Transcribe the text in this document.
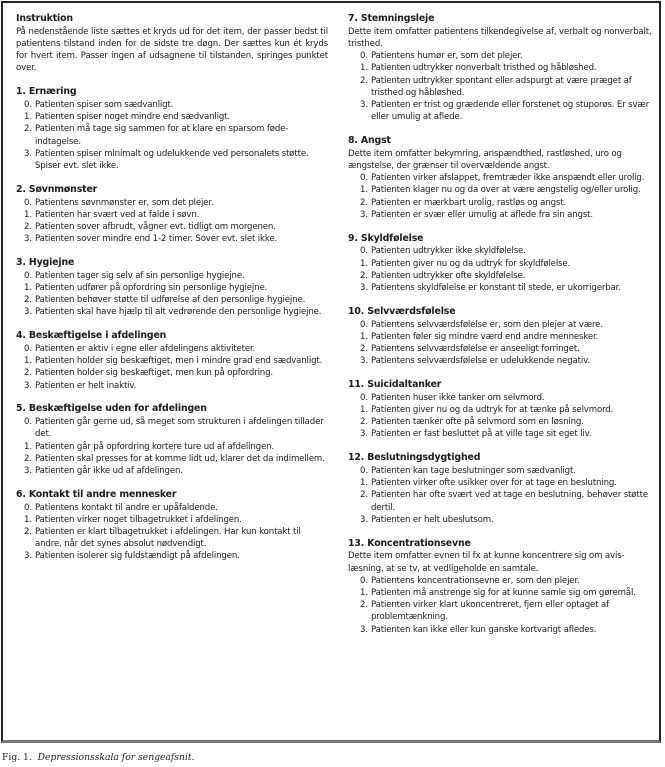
Instruktion

På nedenstående liste sættes et kryds ud for det item, der passer bedst til patientens tilstand inden for de sidste tre døgn. Der sættes kun ét kryds for hvert item. Passer ingen af udsagnene til tilstanden, springes punktet over.

1. Ernæring
0. Patienten spiser som sædvanligt.
1. Patienten spiser noget mindre end sædvanligt.
2. Patienten må tage sig sammen for at klare en sparsom føde-indtagelse.
3. Patienten spiser minimalt og udelukkende ved personalets støtte. Spiser evt. slet ikke.
2. Søvnmønster
0. Patientens søvnmønster er, som det plejer.
1. Patienten har svært ved at falde i søvn.
2. Patienten sover afbrudt, vågner evt. tidligt om morgenen.
3. Patienten sover mindre end 1-2 timer. Sover evt. slet ikke.
3. Hygiejne
0. Patienten tager sig selv af sin personlige hygiejne.
1. Patienten udfører på opfordring sin personlige hygiejne.
2. Patienten behøver støtte til udførelse af den personlige hygiejne.
3. Patienten skal have hjælp til alt vedrørende den personlige hygiejne.
4. Beskæftigelse i afdelingen
0. Patienten er aktiv i egne eller afdelingens aktiviteter.
1. Patienten holder sig beskæftiget, men i mindre grad end sædvanligt.
2. Patienten holder sig beskæftiget, men kun på opfordring.
3. Patienten er helt inaktiv.
5. Beskæftigelse uden for afdelingen
0. Patienten går gerne ud, så meget som strukturen i afdelingen tillader det.
1. Patienten går på opfordring kortere ture ud af afdelingen.
2. Patienten skal presses for at komme lidt ud, klarer det da indimellem.
3. Patienten går ikke ud af afdelingen.
6. Kontakt til andre mennesker
0. Patientens kontakt til andre er upåfaldende.
1. Patienten virker noget tilbagetrukket i afdelingen.
2. Patienten er klart tilbagetrukket i afdelingen. Har kun kontakt til andre, når det synes absolut nødvendigt.
3. Patienten isolerer sig fuldstændigt på afdelingen.
7. Stemningsleje

Dette item omfatter patientens tilkendegivelse af, verbalt og nonverbalt, tristhed.

0. Patientens humør er, som det plejer.
1. Patienten udtrykker nonverbalt tristhed og håbløshed.
2. Patienten udtrykker spontant eller adspurgt at være præget af tristhed og håbløshed.
3. Patienten er trist og grædende eller forstenet og stuporøs. Er svær eller umulig at aflede.
8. Angst

Dette item omfatter bekymring, anspændthed, rastløshed, uro og ængstelse, der grænser til overvældende angst.

0. Patienten virker afslappet, fremtræder ikke anspændt eller urolig.
1. Patienten klager nu og da over at være ængstelig og/eller urolig.
2. Patienten er mærkbart urolig, rastløs og angst.
3. Patienten er svær eller umulig at aflede fra sin angst.
9. Skyldfølelse
0. Patienten udtrykker ikke skyldfølelse.
1. Patienten giver nu og da udtryk for skyldfølelse.
2. Patienten udtrykker ofte skyldfølelse.
3. Patientens skyldfølelse er konstant til stede, er ukorrigerbar.
10. Selvværdsfølelse
0. Patientens selvværdsfølelse er, som den plejer at være.
1. Patienten føler sig mindre værd end andre mennesker.
2. Patientens selvværdsfølelse er anseeligt forringet.
3. Patientens selvværdsfølelse er udelukkende negativ.
11. Suicidaltanker
0. Patienten huser ikke tanker om selvmord.
1. Patienten giver nu og da udtryk for at tænke på selvmord.
2. Patienten tænker ofte på selvmord som en løsning.
3. Patienten er fast besluttet på at ville tage sit eget liv.
12. Beslutningsdygtighed
0. Patienten kan tage beslutninger som sædvanligt.
1. Patienten virker ofte usikker over for at tage en beslutning.
2. Patienten har ofte svært ved at tage en beslutning, behøver støtte dertil.
3. Patienten er helt ubeslutsom.
13. Koncentrationsevne

Dette item omfatter evnen til fx at kunne koncentrere sig om avis-læsning, at se tv, at vedligeholde en samtale.

0. Patientens koncentrationsevne er, som den plejer.
1. Patienten må anstrenge sig for at kunne samle sig om gøremål.
2. Patienten virker klart ukoncentreret, fjern eller optaget af problemtænkning.
3. Patienten kan ikke eller kun ganske kortvarigt afledes.
Fig. 1. Depressionsskala for sengeafsnit.
